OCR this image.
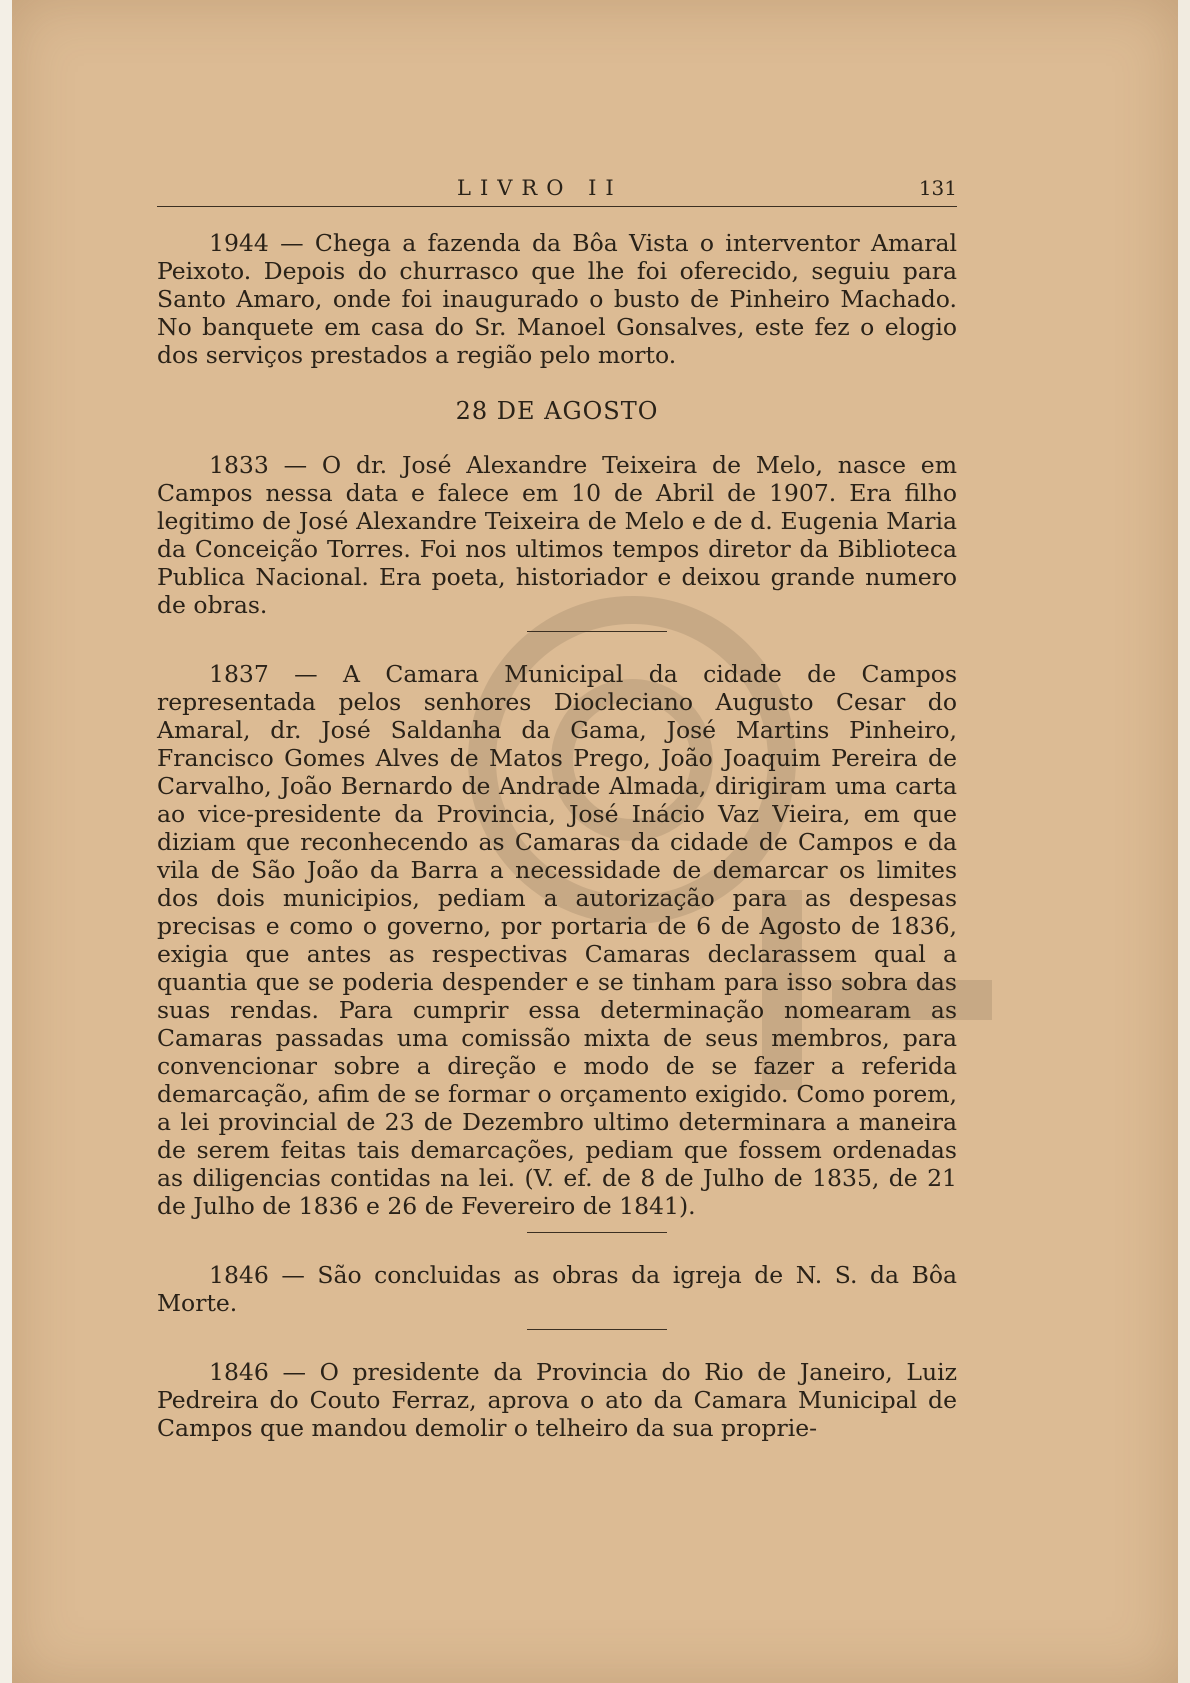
LIVRO II	131

1944 — Chega a fazenda da Bôa Vista o interventor Amaral Peixoto. Depois do churrasco que lhe foi oferecido, seguiu para Santo Amaro, onde foi inaugurado o busto de Pinheiro Machado. No banquete em casa do Sr. Manoel Gonsalves, este fez o elogio dos serviços prestados a região pelo morto.

28 DE AGOSTO

1833 — O dr. José Alexandre Teixeira de Melo, nasce em Campos nessa data e falece em 10 de Abril de 1907. Era filho legitimo de José Alexandre Teixeira de Melo e de d. Eugenia Maria da Conceição Torres. Foi nos ultimos tempos diretor da Biblioteca Publica Nacional. Era poeta, historiador e deixou grande numero de obras.

1837 — A Camara Municipal da cidade de Campos representada pelos senhores Diocleciano Augusto Cesar do Amaral, dr. José Saldanha da Gama, José Martins Pinheiro, Francisco Gomes Alves de Matos Prego, João Joaquim Pereira de Carvalho, João Bernardo de Andrade Almada, dirigiram uma carta ao vice-presidente da Provincia, José Inácio Vaz Vieira, em que diziam que reconhecendo as Camaras da cidade de Campos e da vila de São João da Barra a necessidade de demarcar os limites dos dois municipios, pediam a autorização para as despesas precisas e como o governo, por portaria de 6 de Agosto de 1836, exigia que antes as respectivas Camaras declarassem qual a quantia que se poderia despender e se tinham para isso sobra das suas rendas. Para cumprir essa determinação nomearam as Camaras passadas uma comissão mixta de seus membros, para convencionar sobre a direção e modo de se fazer a referida demarcação, afim de se formar o orçamento exigido. Como porem, a lei provincial de 23 de Dezembro ultimo determinara a maneira de serem feitas tais demarcações, pediam que fossem ordenadas as diligencias contidas na lei. (V. ef. de 8 de Julho de 1835, de 21 de Julho de 1836 e 26 de Fevereiro de 1841).

1846 — São concluidas as obras da igreja de N. S. da Bôa Morte.

1846 — O presidente da Provincia do Rio de Janeiro, Luiz Pedreira do Couto Ferraz, aprova o ato da Camara Municipal de Campos que mandou demolir o telheiro da sua proprie-
